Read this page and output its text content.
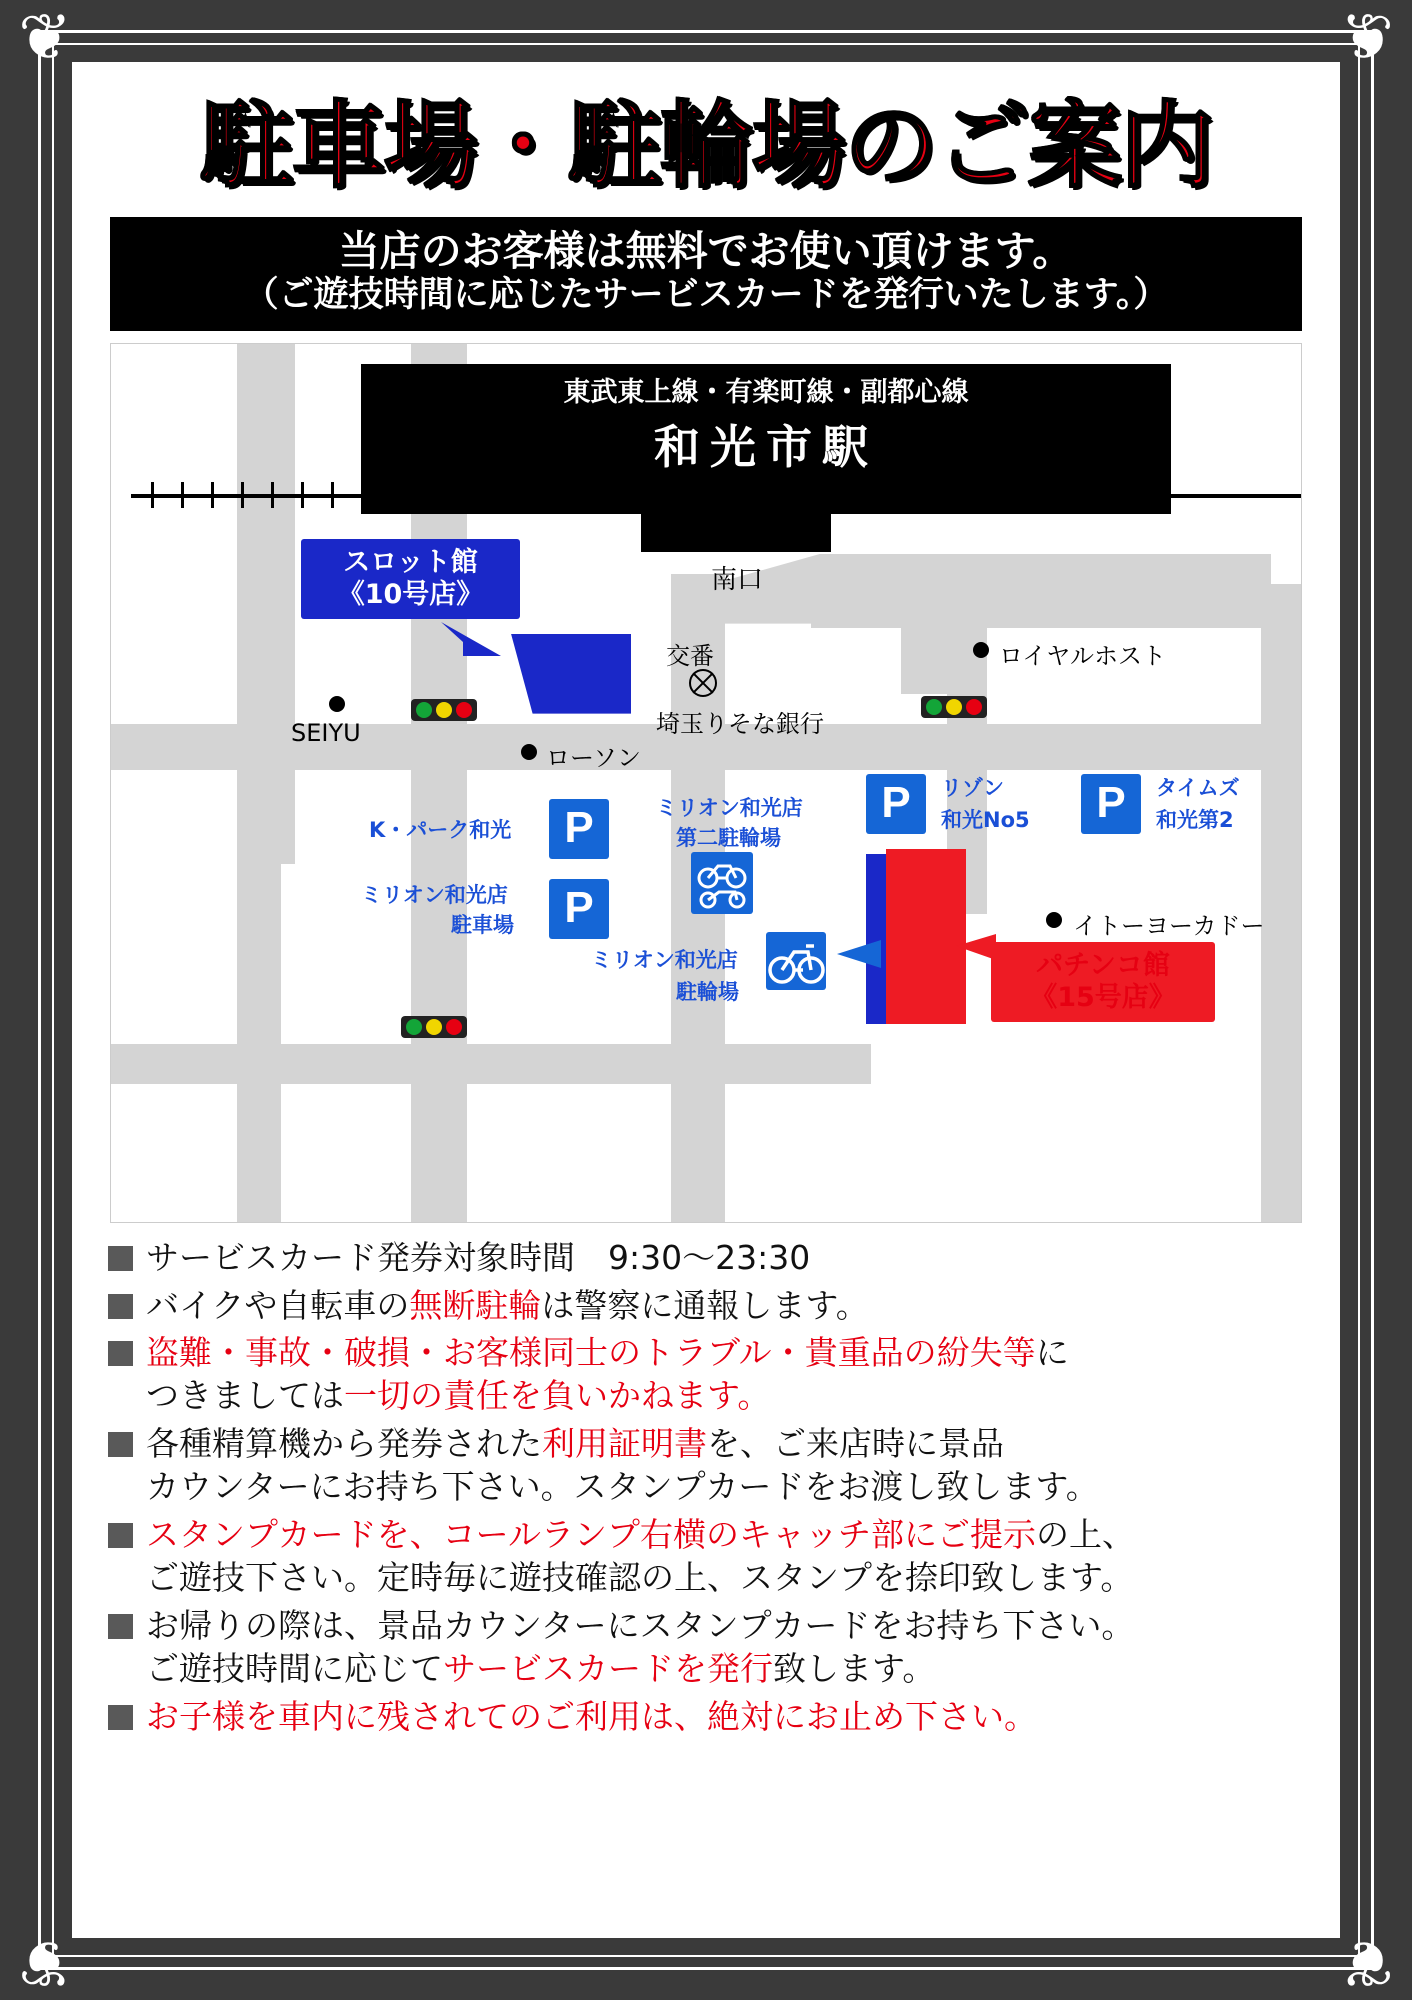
❦	❦
❦	❦
駐車場・駐輪場のご案内
当店のお客様は無料でお使い頂けます。
（ご遊技時間に応じたサービスカードを発行いたします。）
東武東上線・有楽町線・副都心線
和光市駅
南口
交番
スロット館
《10号店》
SEIYU
ローソン
埼玉りそな銀行
ロイヤルホスト
イトーヨーカドー
P
K・パーク和光
P
ミリオン和光店
駐車場
ミリオン和光店
第二駐輪場
P	リゾン
和光No5	P	タイムズ
和光第2
パチンコ館
《15号店》
ミリオン和光店
駐輪場
サービスカード発券対象時間　9:30〜23:30
バイクや自転車の無断駐輪は警察に通報します。
盗難・事故・破損・お客様同士のトラブル・貴重品の紛失等に
つきましては一切の責任を負いかねます。
各種精算機から発券された利用証明書を、ご来店時に景品
カウンターにお持ち下さい。スタンプカードをお渡し致します。
スタンプカードを、コールランプ右横のキャッチ部にご提示の上、
ご遊技下さい。定時毎に遊技確認の上、スタンプを捺印致します。
お帰りの際は、景品カウンターにスタンプカードをお持ち下さい。
ご遊技時間に応じてサービスカードを発行致します。
お子様を車内に残されてのご利用は、絶対にお止め下さい。
